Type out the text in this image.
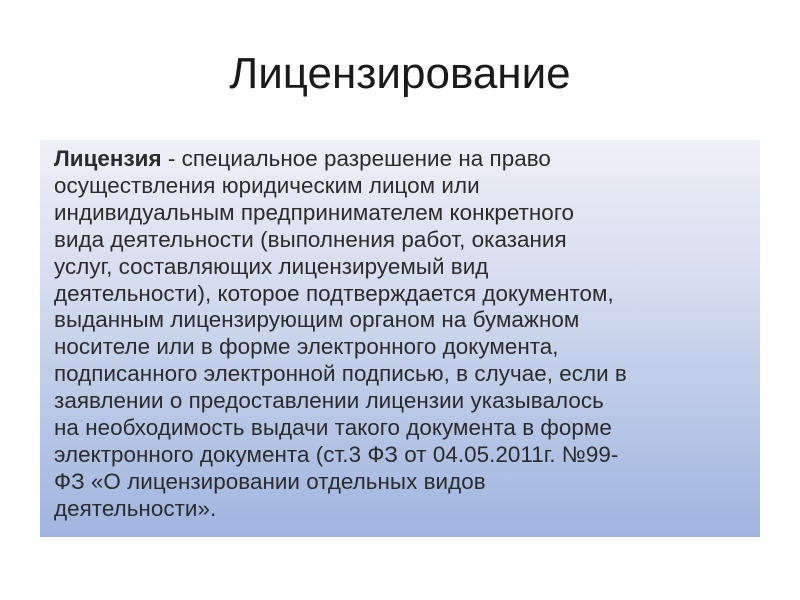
Лицензирование

Лицензия - специальное разрешение на право
осуществления юридическим лицом или
индивидуальным предпринимателем конкретного
вида деятельности (выполнения работ, оказания
услуг, составляющих лицензируемый вид
деятельности), которое подтверждается документом,
выданным лицензирующим органом на бумажном
носителе или в форме электронного документа,
подписанного электронной подписью, в случае, если в
заявлении о предоставлении лицензии указывалось
на необходимость выдачи такого документа в форме
электронного документа (ст.3 ФЗ от 04.05.2011г. №99-
ФЗ «О лицензировании отдельных видов
деятельности».
